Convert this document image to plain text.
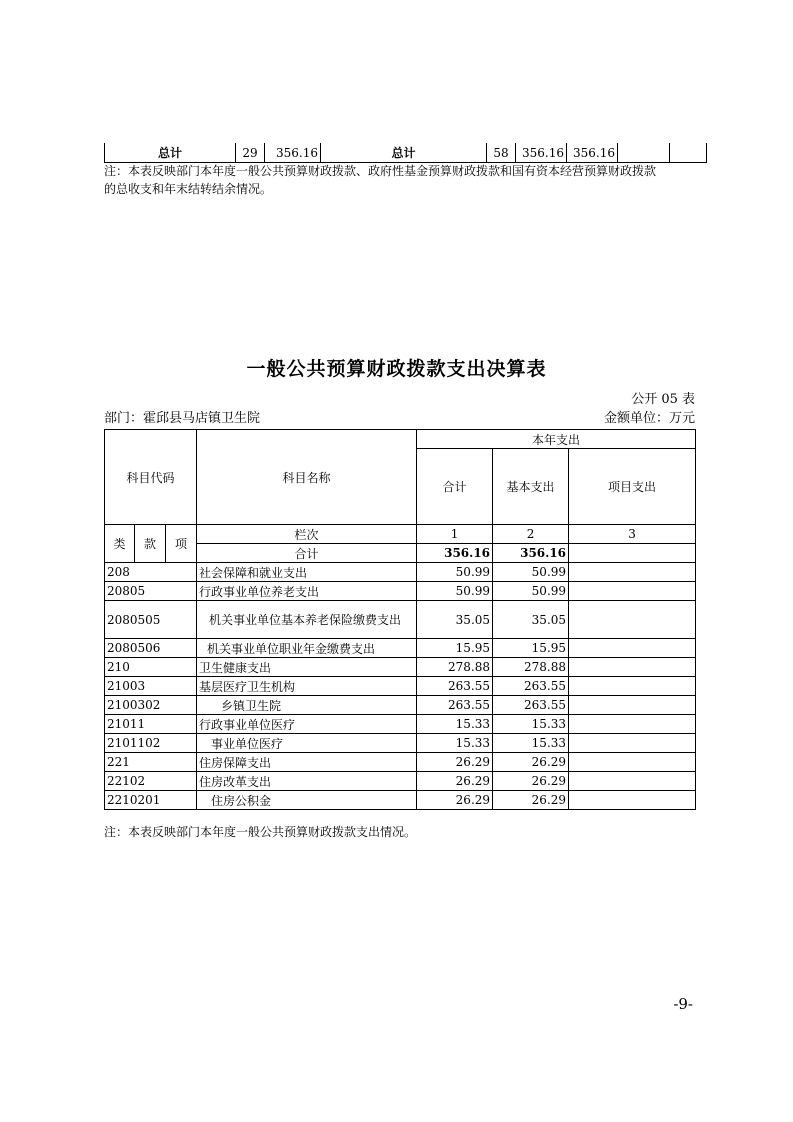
总计	29	356.16	总计	58	356.16	356.16		
注：本表反映部门本年度一般公共预算财政拨款、政府性基金预算财政拨款和国有资本经营预算财政拨款
的总收支和年末结转结余情况。
一般公共预算财政拨款支出决算表
公开 05 表
部门：霍邱县马店镇卫生院	金额单位：万元
科目代码			科目名称	本年支出		
				合计	基本支出	项目支出

类	款	项	栏次	1	2	3
			合计	356.16	356.16	
208			社会保障和就业支出	50.99	50.99	
20805			行政事业单位养老支出	50.99	50.99	
2080505			机关事业单位基本养老保险缴费支出	35.05	35.05	
2080506			机关事业单位职业年金缴费支出	15.95	15.95	
210			卫生健康支出	278.88	278.88	
21003			基层医疗卫生机构	263.55	263.55	
2100302			乡镇卫生院	263.55	263.55	
21011			行政事业单位医疗	15.33	15.33	
2101102			事业单位医疗	15.33	15.33	
221			住房保障支出	26.29	26.29	
22102			住房改革支出	26.29	26.29	
2210201			住房公积金	26.29	26.29	
注：本表反映部门本年度一般公共预算财政拨款支出情况。
-9-
